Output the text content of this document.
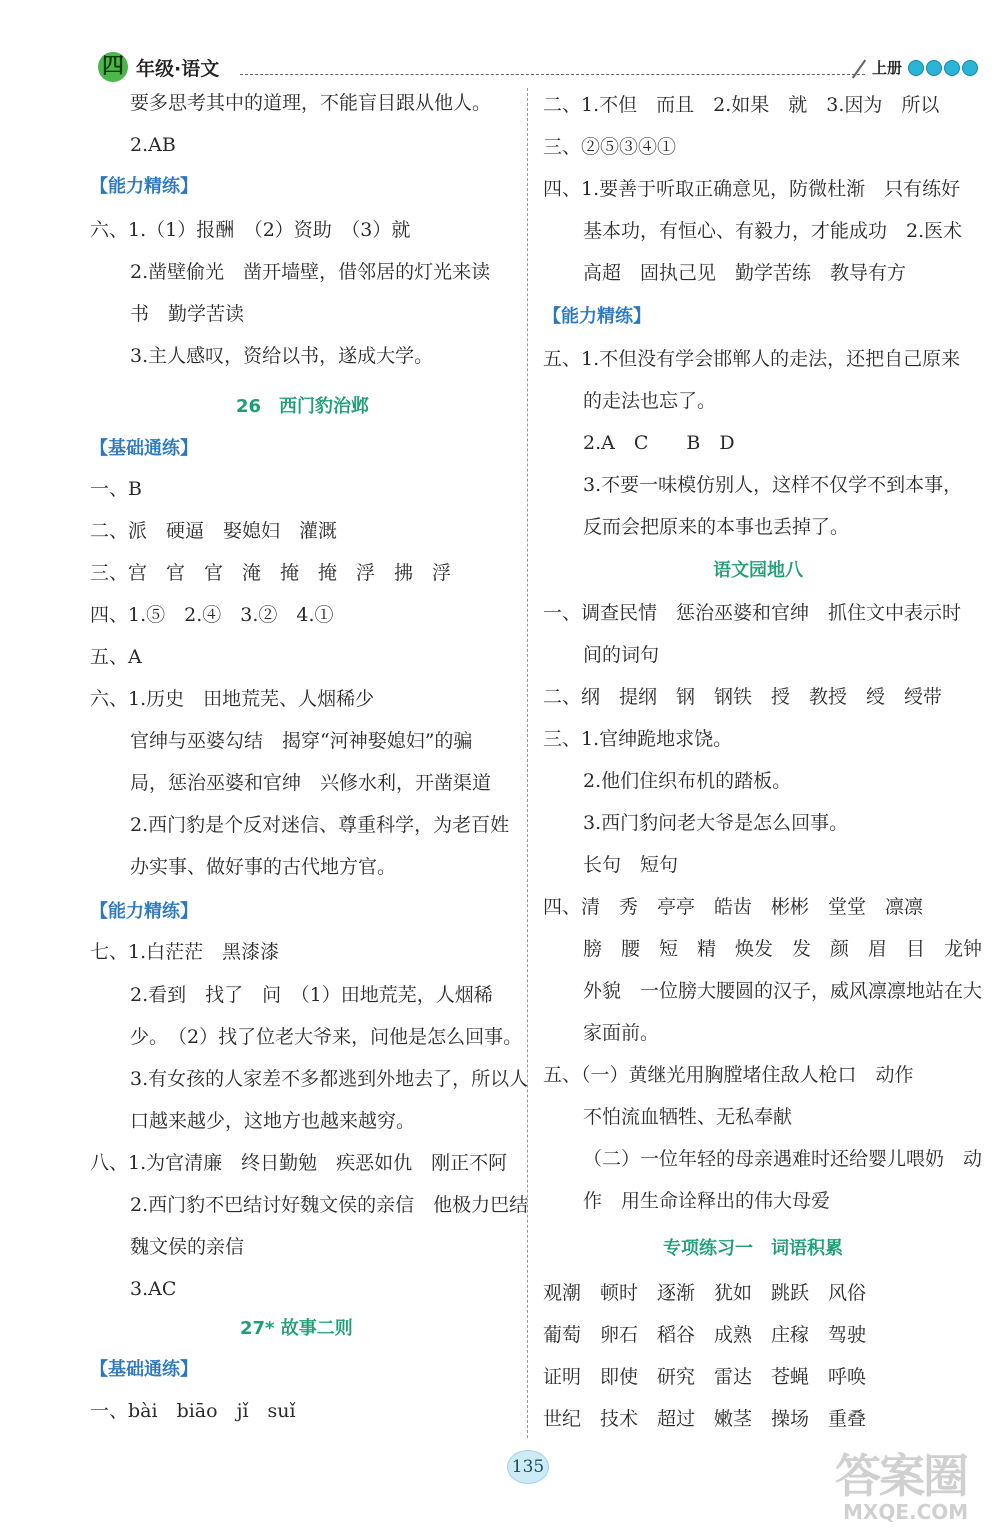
四 年级·语文	上册
要多思考其中的道理，不能盲目跟从他人。
2.AB
【能力精练】
六、1.（1）报酬　（2）资助　（3）就
2.凿壁偷光　凿开墙壁，借邻居的灯光来读
书　勤学苦读
3.主人感叹，资给以书，遂成大学。
26　西门豹治邺
【基础通练】
一、B
二、派　硬逼　娶媳妇　灌溉
三、宫　官　官　淹　掩　掩　浮　拂　浮
四、1.⑤　2.④　3.②　4.①
五、A
六、1.历史　田地荒芜、人烟稀少
官绅与巫婆勾结　揭穿“河神娶媳妇”的骗
局，惩治巫婆和官绅　兴修水利，开凿渠道
2.西门豹是个反对迷信、尊重科学，为老百姓
办实事、做好事的古代地方官。
【能力精练】
七、1.白茫茫　黑漆漆
2.看到　找了　问　（1）田地荒芜，人烟稀
少。　（2）找了位老大爷来，问他是怎么回事。
3.有女孩的人家差不多都逃到外地去了，所以人
口越来越少，这地方也越来越穷。
八、1.为官清廉　终日勤勉　疾恶如仇　刚正不阿
2.西门豹不巴结讨好魏文侯的亲信　他极力巴结
魏文侯的亲信
3.AC
27* 故事二则
【基础通练】
一、bài　biāo　jǐ　suǐ
二、1.不但　而且　2.如果　就　3.因为　所以
三、②⑤③④①
四、1.要善于听取正确意见，防微杜渐　只有练好
基本功，有恒心、有毅力，才能成功　2.医术
高超　固执己见　勤学苦练　教导有方
【能力精练】
五、1.不但没有学会邯郸人的走法，还把自己原来
的走法也忘了。
2.A　C　　B　D
3.不要一味模仿别人，这样不仅学不到本事，
反而会把原来的本事也丢掉了。
语文园地八
一、调查民情　惩治巫婆和官绅　抓住文中表示时
间的词句
二、纲　提纲　钢　钢铁　授　教授　绶　绶带
三、1.官绅跪地求饶。
2.他们住织布机的踏板。
3.西门豹问老大爷是怎么回事。
长句　短句
四、清　秀　亭亭　皓齿　彬彬　堂堂　凛凛
膀　腰　短　精　焕发　发　颜　眉　目　龙钟
外貌　一位膀大腰圆的汉子，威风凛凛地站在大
家面前。
五、（一）黄继光用胸膛堵住敌人枪口　动作
不怕流血牺牲、无私奉献
（二）一位年轻的母亲遇难时还给婴儿喂奶　动
作　用生命诠释出的伟大母爱
专项练习一　词语积累
观潮　顿时　逐渐　犹如　跳跃　风俗
葡萄　卵石　稻谷　成熟　庄稼　驾驶
证明　即使　研究　雷达　苍蝇　呼唤
世纪　技术　超过　嫩茎　操场　重叠
135	答案圈
MXQE.COM
